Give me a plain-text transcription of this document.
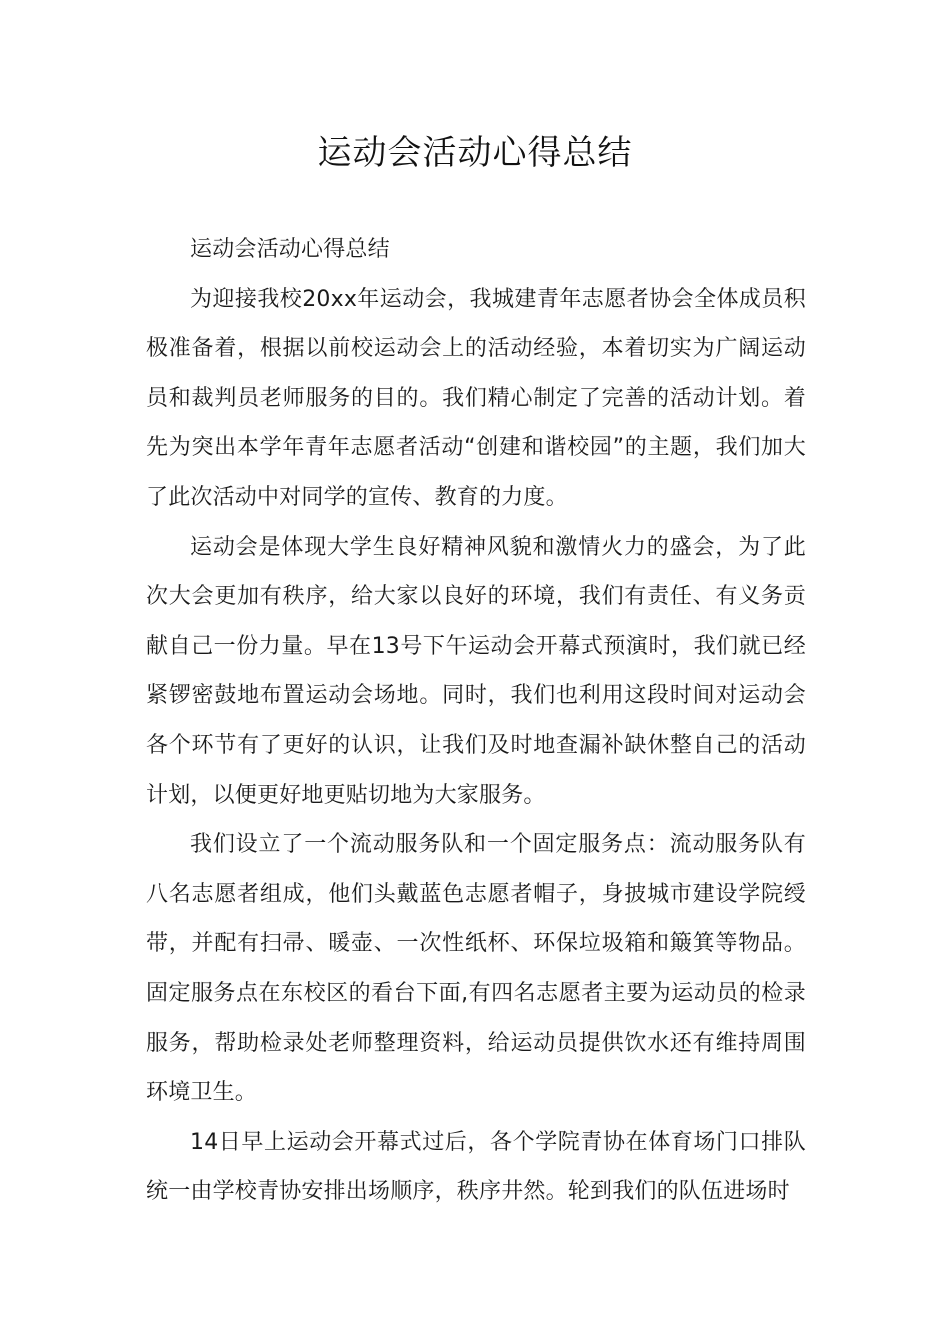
运动会活动心得总结

运动会活动心得总结

为迎接我校20xx年运动会，我城建青年志愿者协会全体成员积极准备着，根据以前校运动会上的活动经验，本着切实为广阔运动员和裁判员老师服务的目的。我们精心制定了完善的活动计划。着先为突出本学年青年志愿者活动“创建和谐校园”的主题，我们加大了此次活动中对同学的宣传、教育的力度。

运动会是体现大学生良好精神风貌和激情火力的盛会，为了此次大会更加有秩序，给大家以良好的环境，我们有责任、有义务贡献自己一份力量。早在13号下午运动会开幕式预演时，我们就已经紧锣密鼓地布置运动会场地。同时，我们也利用这段时间对运动会各个环节有了更好的认识，让我们及时地查漏补缺休整自己的活动计划，以便更好地更贴切地为大家服务。

我们设立了一个流动服务队和一个固定服务点：流动服务队有八名志愿者组成，他们头戴蓝色志愿者帽子，身披城市建设学院绶带，并配有扫帚、暖壶、一次性纸杯、环保垃圾箱和簸箕等物品。固定服务点在东校区的看台下面,有四名志愿者主要为运动员的检录服务，帮助检录处老师整理资料，给运动员提供饮水还有维持周围环境卫生。

14日早上运动会开幕式过后，各个学院青协在体育场门口排队统一由学校青协安排出场顺序，秩序井然。轮到我们的队伍进场时
